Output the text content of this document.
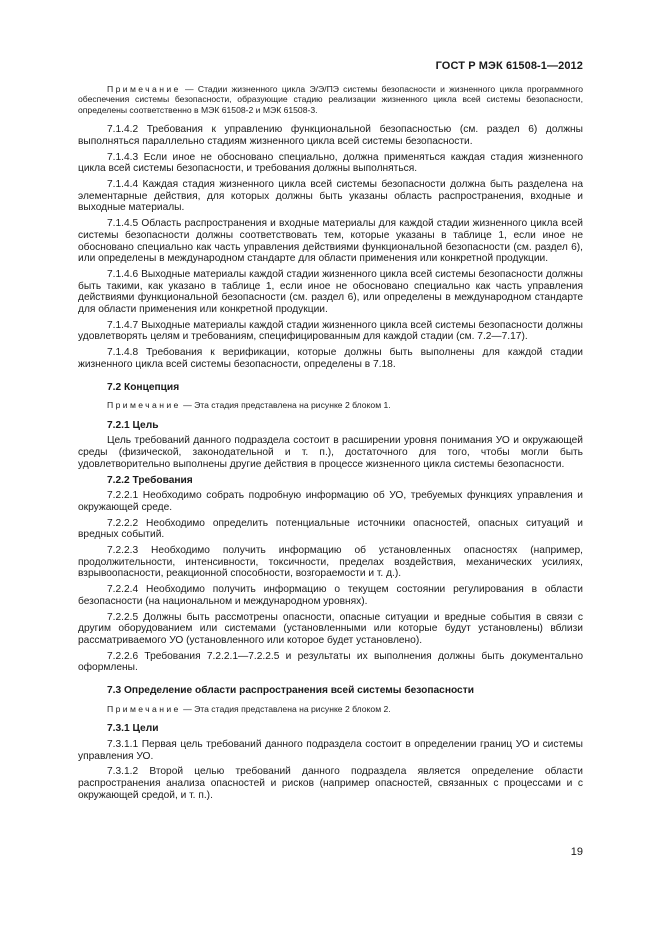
ГОСТ Р МЭК 61508-1—2012

Примечание — Стадии жизненного цикла Э/Э/ПЭ системы безопасности и жизненного цикла программного обеспечения системы безопасности, образующие стадию реализации жизненного цикла всей системы безопасности, определены соответственно в МЭК 61508-2 и МЭК 61508-3.

7.1.4.2 Требования к управлению функциональной безопасностью (см. раздел 6) должны выполняться параллельно стадиям жизненного цикла всей системы безопасности.

7.1.4.3 Если иное не обосновано специально, должна применяться каждая стадия жизненного цикла всей системы безопасности, и требования должны выполняться.

7.1.4.4 Каждая стадия жизненного цикла всей системы безопасности должна быть разделена на элементарные действия, для которых должны быть указаны область распространения, входные и выходные материалы.

7.1.4.5 Область распространения и входные материалы для каждой стадии жизненного цикла всей системы безопасности должны соответствовать тем, которые указаны в таблице 1, если иное не обосновано специально как часть управления действиями функциональной безопасности (см. раздел 6), или определены в международном стандарте для области применения или конкретной продукции.

7.1.4.6 Выходные материалы каждой стадии жизненного цикла всей системы безопасности должны быть такими, как указано в таблице 1, если иное не обосновано специально как часть управления действиями функциональной безопасности (см. раздел 6), или определены в международном стандарте для области применения или конкретной продукции.

7.1.4.7 Выходные материалы каждой стадии жизненного цикла всей системы безопасности должны удовлетворять целям и требованиям, специфицированным для каждой стадии (см. 7.2—7.17).

7.1.4.8 Требования к верификации, которые должны быть выполнены для каждой стадии жизненного цикла всей системы безопасности, определены в 7.18.

7.2 Концепция

Примечание — Эта стадия представлена на рисунке 2 блоком 1.

7.2.1 Цель

Цель требований данного подраздела состоит в расширении уровня понимания УО и окружающей среды (физической, законодательной и т. п.), достаточного для того, чтобы могли быть удовлетворительно выполнены другие действия в процессе жизненного цикла системы безопасности.

7.2.2 Требования

7.2.2.1 Необходимо собрать подробную информацию об УО, требуемых функциях управления и окружающей среде.

7.2.2.2 Необходимо определить потенциальные источники опасностей, опасных ситуаций и вредных событий.

7.2.2.3 Необходимо получить информацию об установленных опасностях (например, продолжительности, интенсивности, токсичности, пределах воздействия, механических усилиях, взрывоопасности, реакционной способности, возгораемости и т. д.).

7.2.2.4 Необходимо получить информацию о текущем состоянии регулирования в области безопасности (на национальном и международном уровнях).

7.2.2.5 Должны быть рассмотрены опасности, опасные ситуации и вредные события в связи с другим оборудованием или системами (установленными или которые будут установлены) вблизи рассматриваемого УО (установленного или которое будет установлено).

7.2.2.6 Требования 7.2.2.1—7.2.2.5 и результаты их выполнения должны быть документально оформлены.

7.3 Определение области распространения всей системы безопасности

Примечание — Эта стадия представлена на рисунке 2 блоком 2.

7.3.1 Цели

7.3.1.1 Первая цель требований данного подраздела состоит в определении границ УО и системы управления УО.

7.3.1.2 Второй целью требований данного подраздела является определение области распространения анализа опасностей и рисков (например опасностей, связанных с процессами и с окружающей средой, и т. п.).

19
